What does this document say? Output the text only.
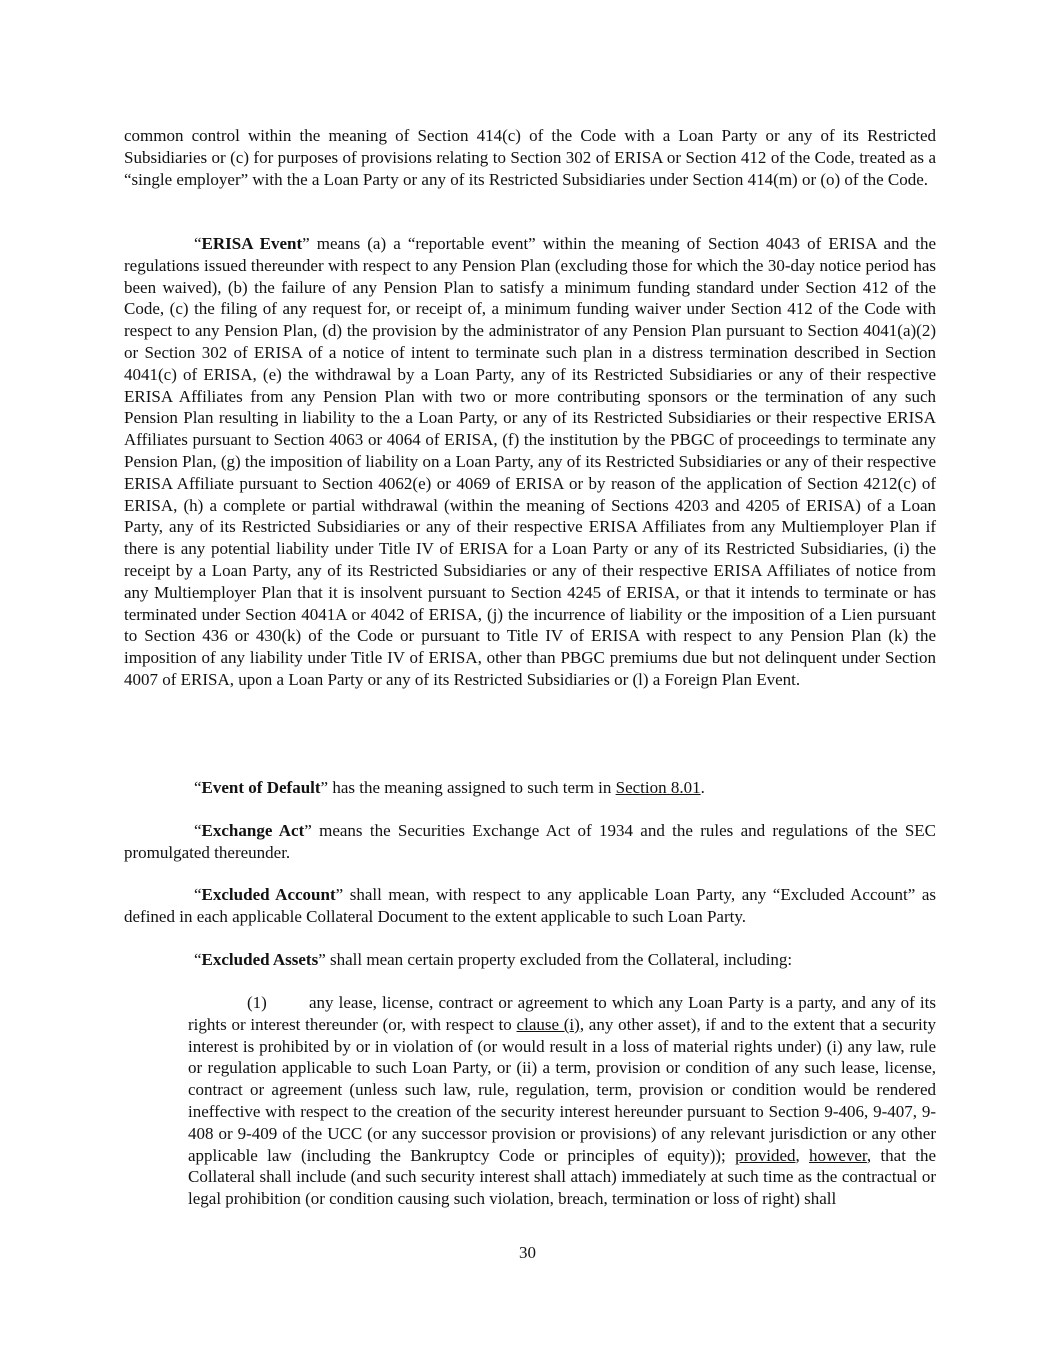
common control within the meaning of Section 414(c) of the Code with a Loan Party or any of its Restricted Subsidiaries or (c) for purposes of provisions relating to Section 302 of ERISA or Section 412 of the Code, treated as a “single employer” with the a Loan Party or any of its Restricted Subsidiaries under Section 414(m) or (o) of the Code.

“ERISA Event” means (a) a “reportable event” within the meaning of Section 4043 of ERISA and the regulations issued thereunder with respect to any Pension Plan (excluding those for which the 30-day notice period has been waived), (b) the failure of any Pension Plan to satisfy a minimum funding standard under Section 412 of the Code, (c) the filing of any request for, or receipt of, a minimum funding waiver under Section 412 of the Code with respect to any Pension Plan, (d) the provision by the administrator of any Pension Plan pursuant to Section 4041(a)(2) or Section 302 of ERISA of a notice of intent to terminate such plan in a distress termination described in Section 4041(c) of ERISA, (e) the withdrawal by a Loan Party, any of its Restricted Subsidiaries or any of their respective ERISA Affiliates from any Pension Plan with two or more contributing sponsors or the termination of any such Pension Plan resulting in liability to the a Loan Party, or any of its Restricted Subsidiaries or their respective ERISA Affiliates pursuant to Section 4063 or 4064 of ERISA, (f) the institution by the PBGC of proceedings to terminate any Pension Plan, (g) the imposition of liability on a Loan Party, any of its Restricted Subsidiaries or any of their respective ERISA Affiliate pursuant to Section 4062(e) or 4069 of ERISA or by reason of the application of Section 4212(c) of ERISA, (h) a complete or partial withdrawal (within the meaning of Sections 4203 and 4205 of ERISA) of a Loan Party, any of its Restricted Subsidiaries or any of their respective ERISA Affiliates from any Multiemployer Plan if there is any potential liability under Title IV of ERISA for a Loan Party or any of its Restricted Subsidiaries, (i) the receipt by a Loan Party, any of its Restricted Subsidiaries or any of their respective ERISA Affiliates of notice from any Multiemployer Plan that it is insolvent pursuant to Section 4245 of ERISA, or that it intends to terminate or has terminated under Section 4041A or 4042 of ERISA, (j) the incurrence of liability or the imposition of a Lien pursuant to Section 436 or 430(k) of the Code or pursuant to Title IV of ERISA with respect to any Pension Plan (k) the imposition of any liability under Title IV of ERISA, other than PBGC premiums due but not delinquent under Section 4007 of ERISA, upon a Loan Party or any of its Restricted Subsidiaries or (l) a Foreign Plan Event.

“Event of Default” has the meaning assigned to such term in Section 8.01.

“Exchange Act” means the Securities Exchange Act of 1934 and the rules and regulations of the SEC promulgated thereunder.

“Excluded Account” shall mean, with respect to any applicable Loan Party, any “Excluded Account” as defined in each applicable Collateral Document to the extent applicable to such Loan Party.

“Excluded Assets” shall mean certain property excluded from the Collateral, including:

(1) any lease, license, contract or agreement to which any Loan Party is a party, and any of its rights or interest thereunder (or, with respect to clause (i), any other asset), if and to the extent that a security interest is prohibited by or in violation of (or would result in a loss of material rights under) (i) any law, rule or regulation applicable to such Loan Party, or (ii) a term, provision or condition of any such lease, license, contract or agreement (unless such law, rule, regulation, term, provision or condition would be rendered ineffective with respect to the creation of the security interest hereunder pursuant to Section 9-406, 9-407, 9-408 or 9-409 of the UCC (or any successor provision or provisions) of any relevant jurisdiction or any other applicable law (including the Bankruptcy Code or principles of equity)); provided, however, that the Collateral shall include (and such security interest shall attach) immediately at such time as the contractual or legal prohibition (or condition causing such violation, breach, termination or loss of right) shall

30
